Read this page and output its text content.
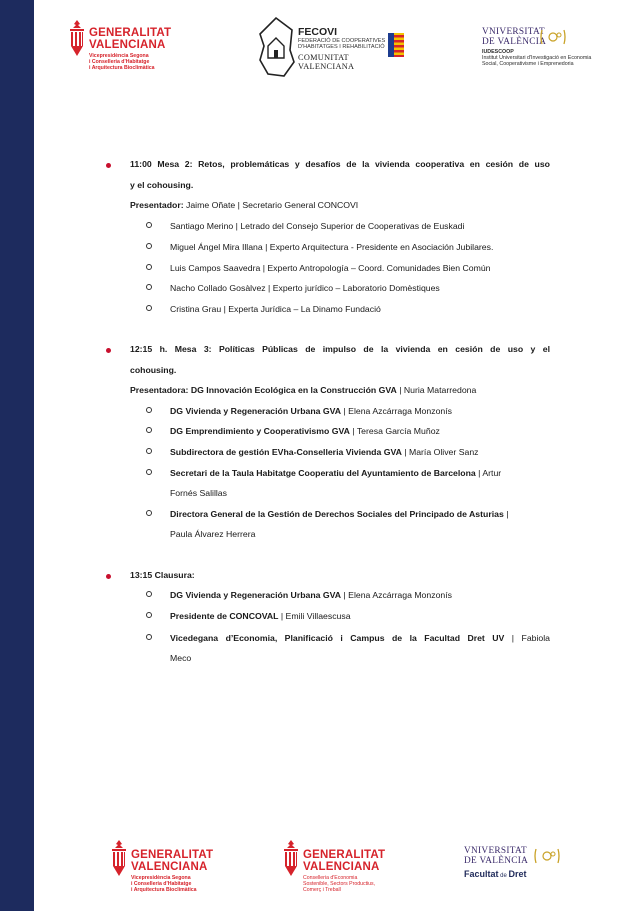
GENERALITAT
VALENCIANA
Vicepresidència Segona
i Conselleria d'Habitatge
i Arquitectura Bioclimàtica
FECOVI
FEDERACIÓ DE COOPERATIVES
D'HABITATGES I REHABILITACIÓ
COMUNITAT VALENCIANA
VNIVERSITAT
DE VALÈNCIA
IUDESCOOP
Institut Universitari d'Investigació en Economia
Social, Cooperativisme i Emprenedoria
11:00 Mesa 2: Retos, problemáticas y desafíos de la vivienda cooperativa en cesión de uso
y el cohousing.
Presentador: Jaime Oñate | Secretario General CONCOVI
Santiago Merino | Letrado del Consejo Superior de Cooperativas de Euskadi
Miguel Ángel Mira Illana | Experto Arquitectura - Presidente en Asociación Jubilares.
Luis Campos Saavedra | Experto Antropología – Coord. Comunidades Bien Común
Nacho Collado Gosàlvez | Experto jurídico – Laboratorio Domèstiques
Cristina Grau | Experta Jurídica – La Dinamo Fundació
12:15 h. Mesa 3: Políticas Públicas de impulso de la vivienda en cesión de uso y el
cohousing.
Presentadora: DG Innovación Ecológica en la Construcción GVA | Nuria Matarredona
DG Vivienda y Regeneración Urbana GVA | Elena Azcárraga Monzonís
DG Emprendimiento y Cooperativismo GVA | Teresa García Muñoz
Subdirectora de gestión EVha-Conselleria Vivienda GVA | María Oliver Sanz
Secretari de la Taula Habitatge Cooperatiu del Ayuntamiento de Barcelona | Artur
Fornés Salillas
Directora General de la Gestión de Derechos Sociales del Principado de Asturias |
Paula Álvarez Herrera
13:15 Clausura:
DG Vivienda y Regeneración Urbana GVA | Elena Azcárraga Monzonís
Presidente de CONCOVAL | Emili Villaescusa
Vicedegana d’Economia, Planificació i Campus de la Facultad Dret UV | Fabiola
Meco
GENERALITAT
VALENCIANA
Vicepresidència Segona
i Conselleria d'Habitatge
i Arquitectura Bioclimàtica
GENERALITAT
VALENCIANA
Conselleria d'Economia
Sostenible, Sectors Productius,
Comerç i Treball
VNIVERSITAT
DE VALÈNCIA
Facultat de Dret
